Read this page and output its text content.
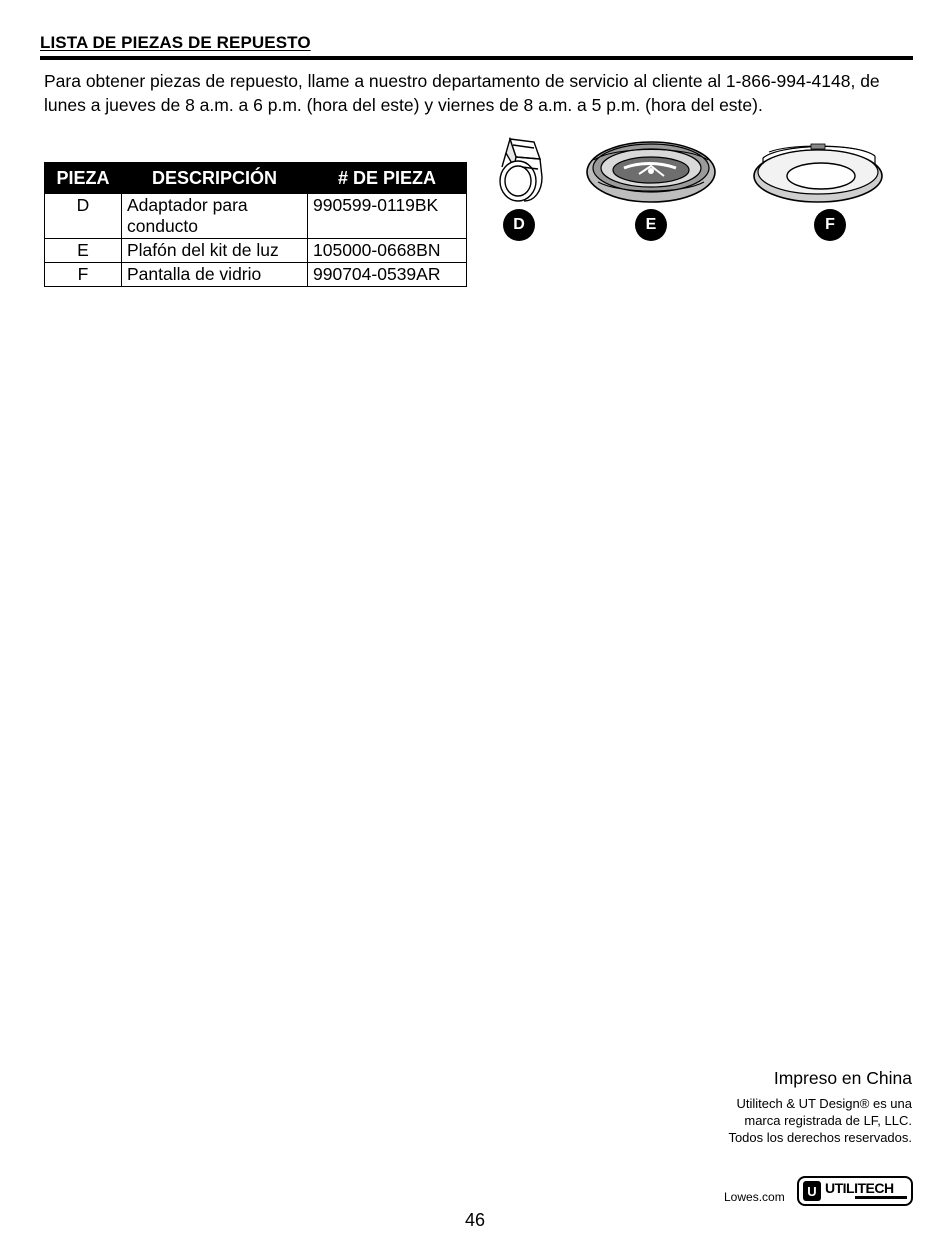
LISTA DE PIEZAS DE REPUESTO

Para obtener piezas de repuesto, llame a nuestro departamento de servicio al cliente al 1-866-994-4148, de lunes a jueves de 8 a.m. a 6 p.m. (hora del este) y viernes de 8 a.m. a 5 p.m. (hora del este).

PIEZA	DESCRIPCIÓN	# DE PIEZA
D	Adaptador para conducto	990599-0119BK
E	Plafón del kit de luz	105000-0668BN
F	Pantalla de vidrio	990704-0539AR
D	E	F

Impreso en China

Utilitech & UT Design® es una

marca registrada de LF, LLC.

Todos los derechos reservados.

Lowes.com	U UTILITECH
46
